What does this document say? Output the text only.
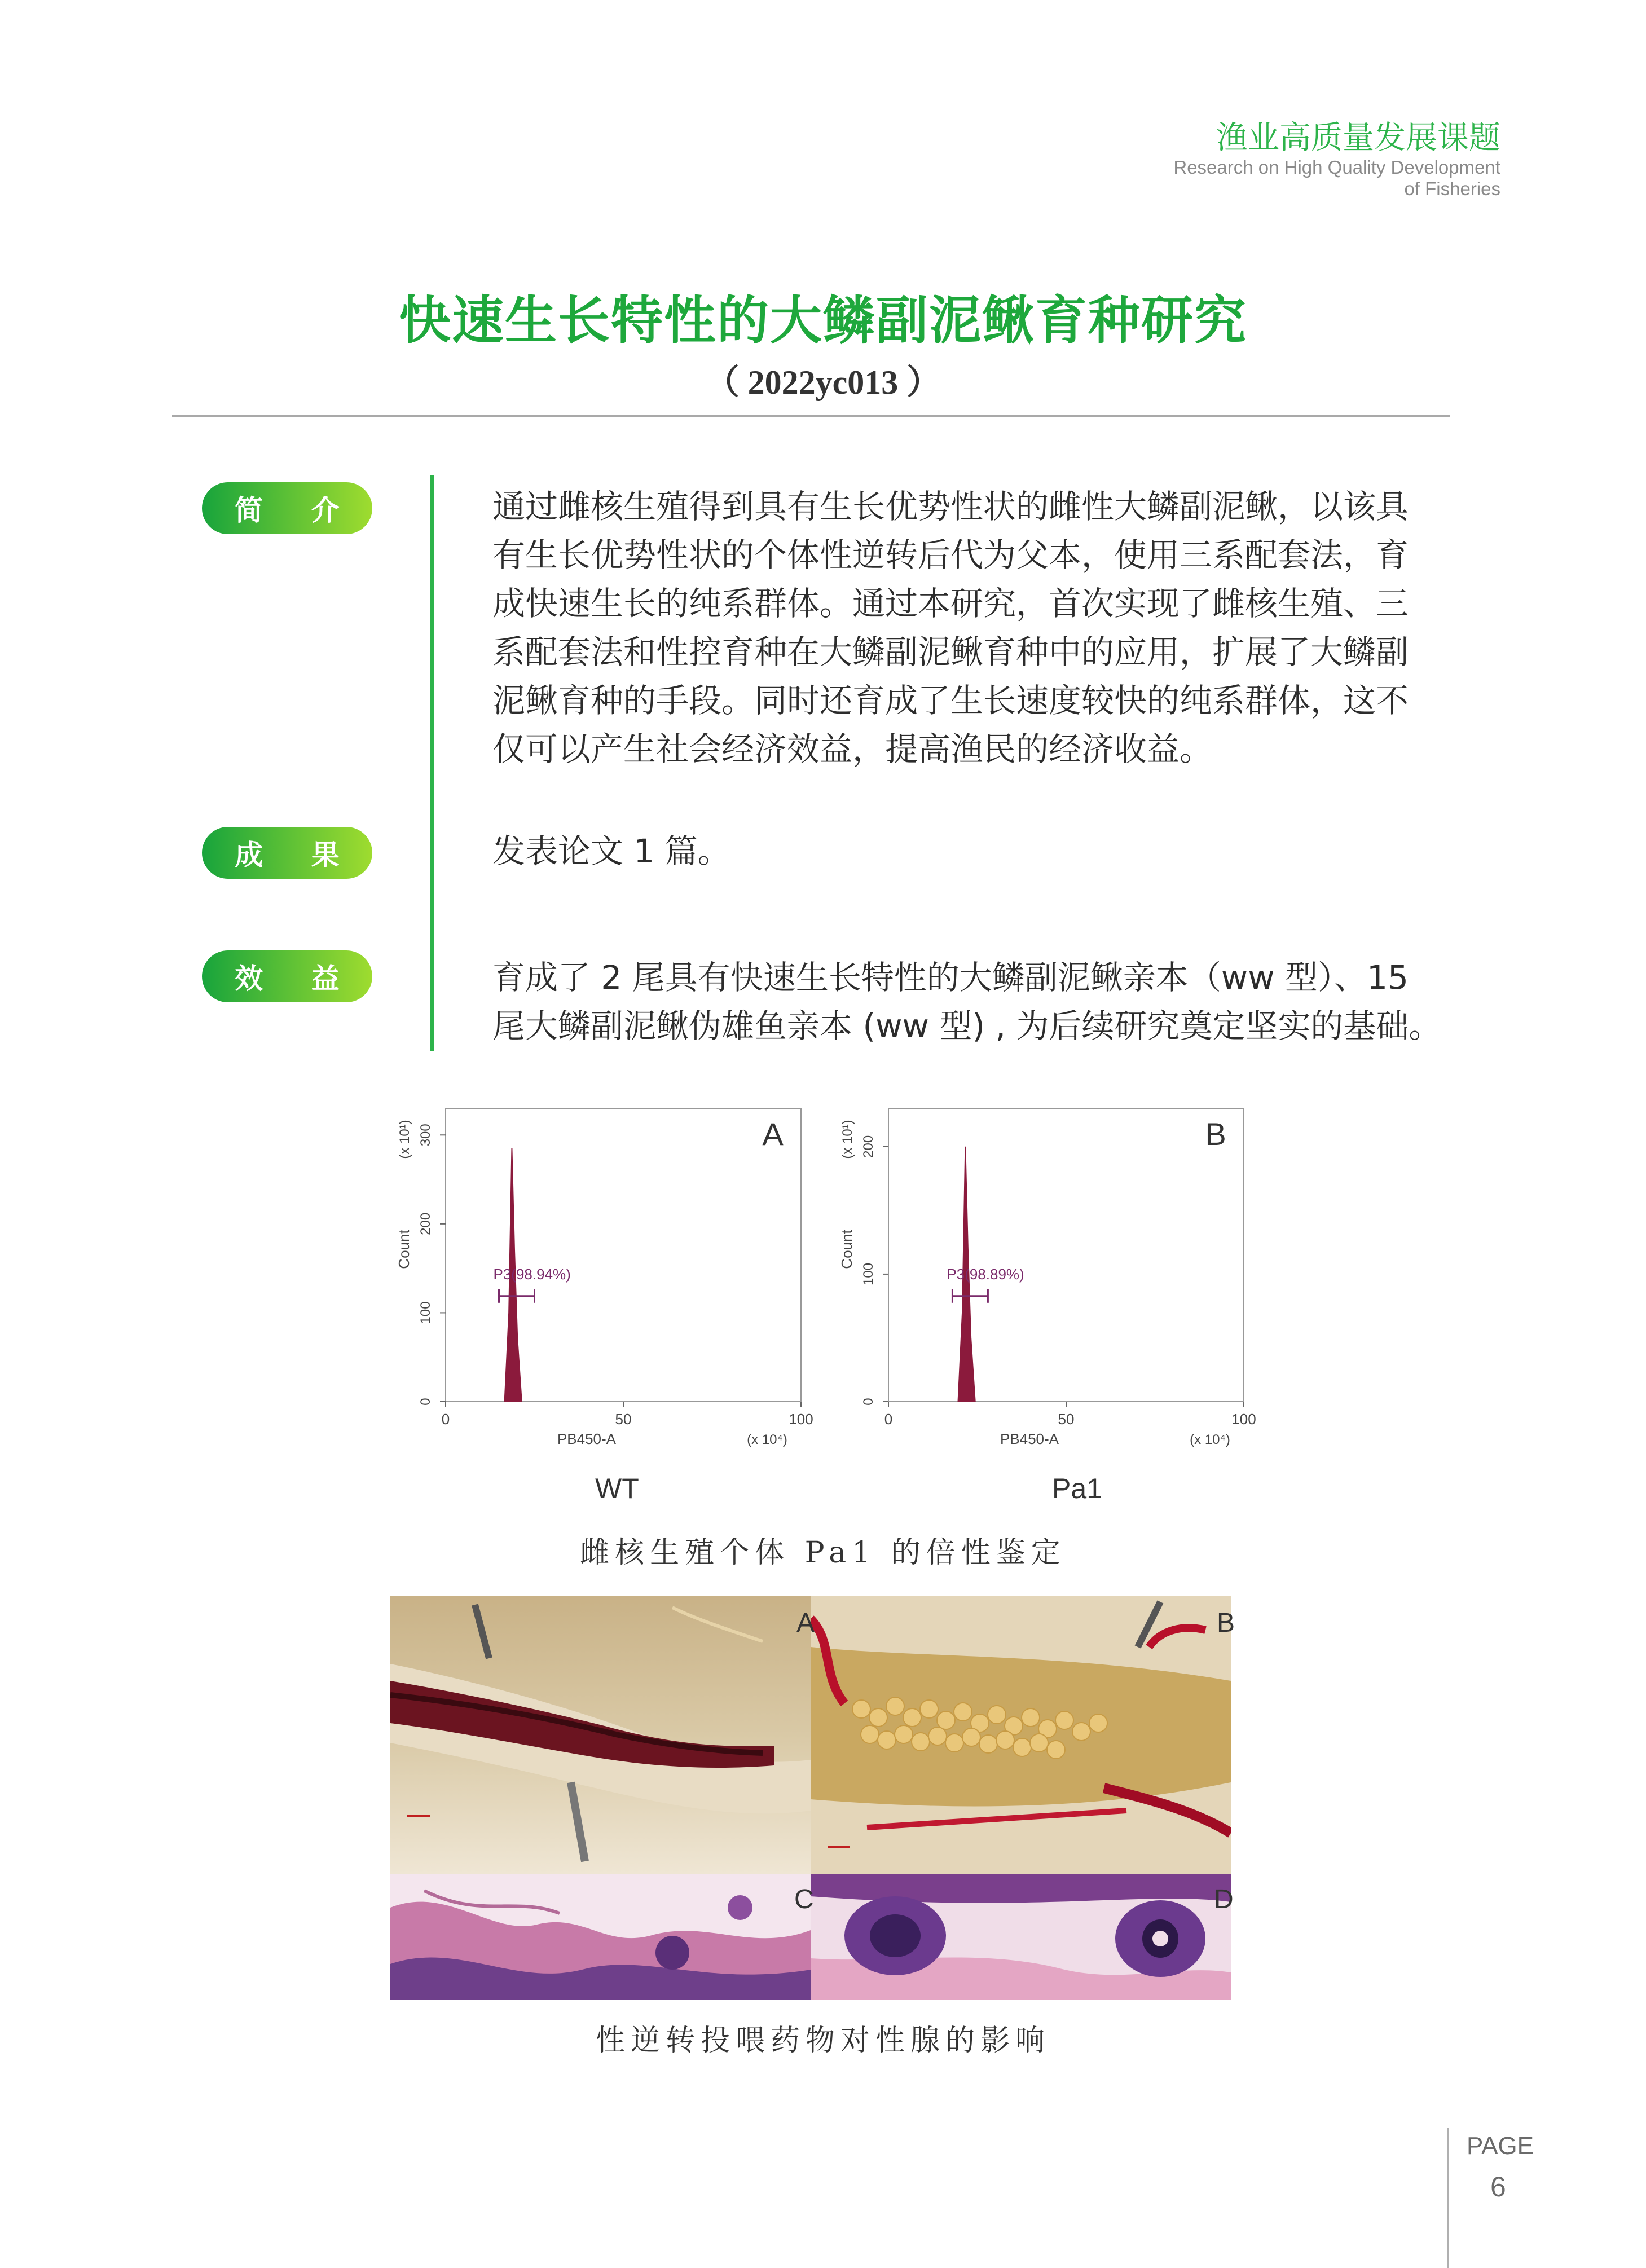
渔业高质量发展课题
Research on High Quality Development
of Fisheries
快速生长特性的大鳞副泥鳅育种研究
（ 2022yc013 ）
简 介	通过雌核生殖得到具有生长优势性状的雌性大鳞副泥鳅，以该具
有生长优势性状的个体性逆转后代为父本，使用三系配套法，育
成快速生长的纯系群体。通过本研究，首次实现了雌核生殖、三
系配套法和性控育种在大鳞副泥鳅育种中的应用，扩展了大鳞副
泥鳅育种的手段。同时还育成了生长速度较快的纯系群体，这不
仅可以产生社会经济效益，提高渔民的经济收益。
成 果	发表论文 1 篇。
效 益	育成了 2 尾具有快速生长特性的大鳞副泥鳅亲本（ww 型）、15
尾大鳞副泥鳅伪雄鱼亲本 (ww 型) , 为后续研究奠定坚实的基础。
0
100
200
300
0	50	100
Count
(x 10¹)
PB450-A	(x 10⁴)
A
P3(98.94%)
0
100
200
0	50	100
Count
(x 10¹)
PB450-A	(x 10⁴)
B
P3(98.89%)
WT	Pa1
雌核生殖个体 Pa1 的倍性鉴定
A	B
C	D
性逆转投喂药物对性腺的影响
PAGE
6
